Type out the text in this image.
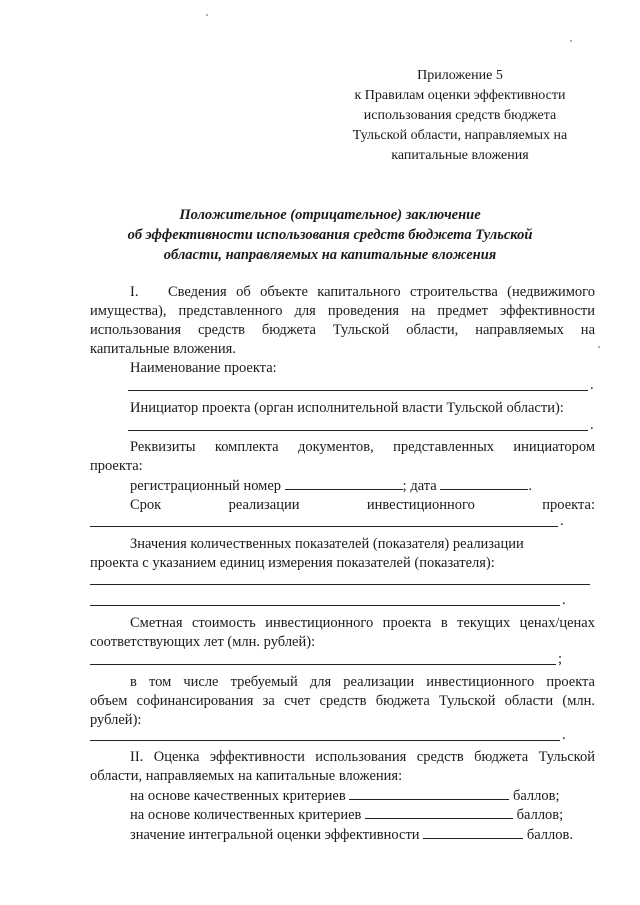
Приложение 5
к Правилам оценки эффективности
использования средств бюджета
Тульской области, направляемых на
капитальные вложения
Положительное (отрицательное) заключение
об эффективности использования средств бюджета Тульской
области, направляемых на капитальные вложения
I. Сведения об объекте капитального строительства (недвижимого
имущества), представленного для проведения на предмет эффективности
использования средств бюджета Тульской области, направляемых на
капитальные вложения.
Наименование проекта:
.
Инициатор проекта (орган исполнительной власти Тульской области):
.
Реквизиты комплекта документов, представленных инициатором
проекта:
регистрационный номер	; дата	.
Срок реализации инвестиционного проекта:
.
Значения количественных показателей (показателя) реализации
проекта с указанием единиц измерения показателей (показателя):
.
Сметная стоимость инвестиционного проекта в текущих ценах/ценах
соответствующих лет (млн. рублей):
;
в том числе требуемый для реализации инвестиционного проекта
объем софинансирования за счет средств бюджета Тульской области (млн.
рублей):
.
II. Оценка эффективности использования средств бюджета Тульской
области, направляемых на капитальные вложения:
на основе качественных критериев	баллов;
на основе количественных критериев	баллов;
значение интегральной оценки эффективности	баллов.
